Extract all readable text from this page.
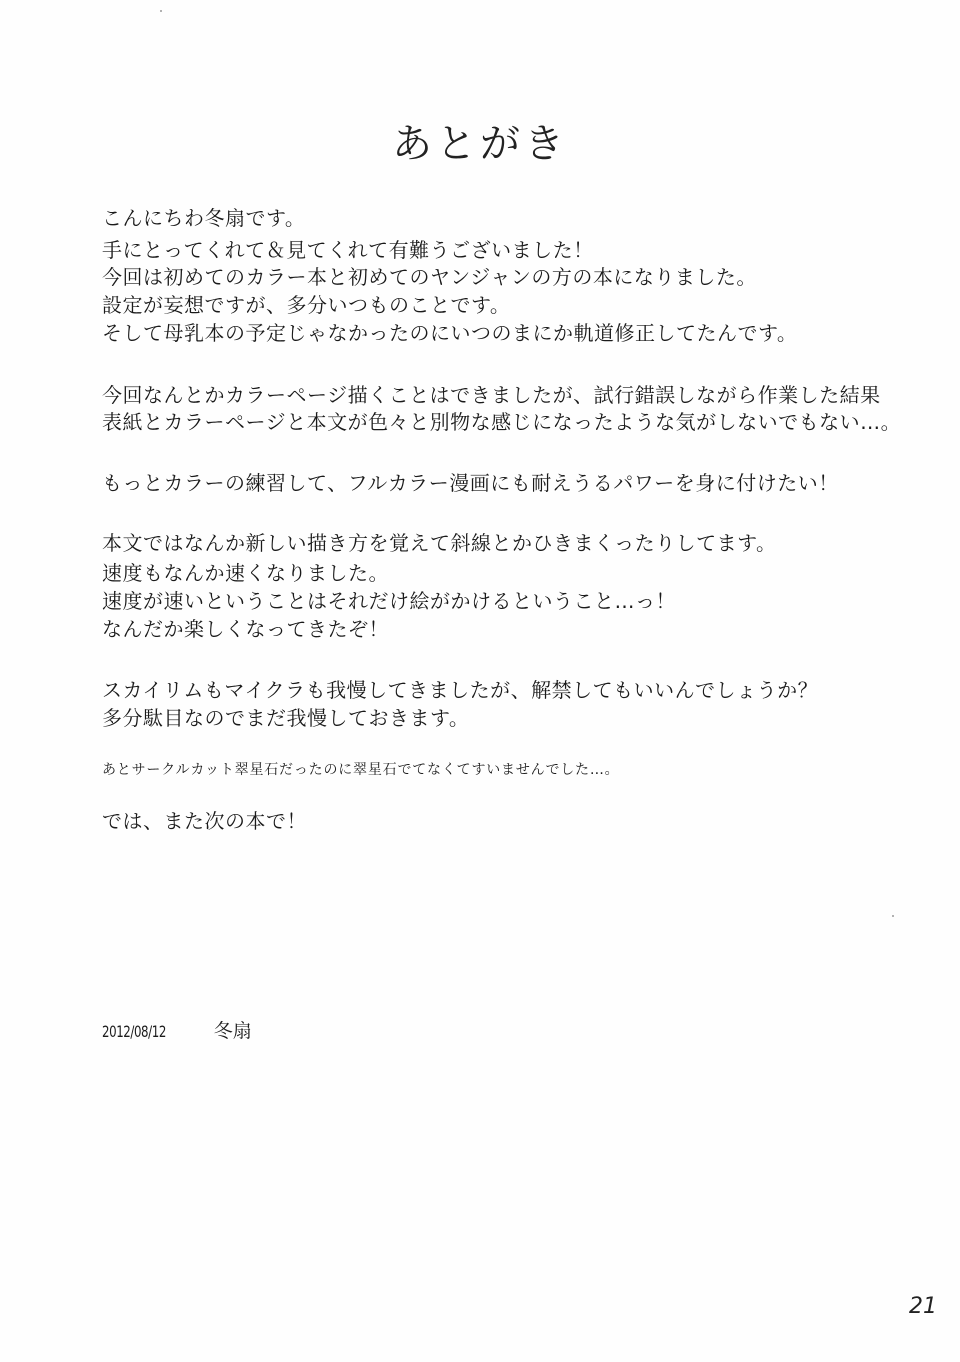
あとがき
こんにちわ冬扇です。
手にとってくれて＆見てくれて有難うございました！
今回は初めてのカラー本と初めてのヤンジャンの方の本になりました。
設定が妄想ですが、多分いつものことです。
そして母乳本の予定じゃなかったのにいつのまにか軌道修正してたんです。
今回なんとかカラーページ描くことはできましたが、試行錯誤しながら作業した結果
表紙とカラーページと本文が色々と別物な感じになったような気がしないでもない…。
もっとカラーの練習して、フルカラー漫画にも耐えうるパワーを身に付けたい！
本文ではなんか新しい描き方を覚えて斜線とかひきまくったりしてます。
速度もなんか速くなりました。
速度が速いということはそれだけ絵がかけるということ…っ！
なんだか楽しくなってきたぞ！
スカイリムもマイクラも我慢してきましたが、解禁してもいいんでしょうか？
多分駄目なのでまだ我慢しておきます。
あとサークルカット翠星石だったのに翠星石でてなくてすいませんでした…。
では、また次の本で！
2012/08/12	冬扇
21
